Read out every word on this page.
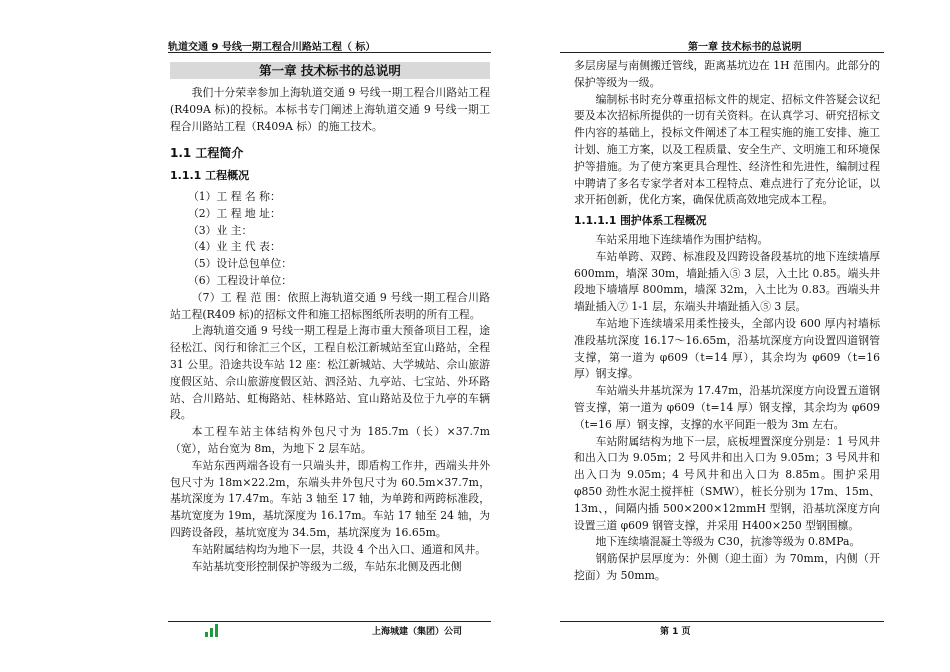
轨道交通 9 号线一期工程合川路站工程（ 标）	第一章 技术标书的总说明
第一章 技术标书的总说明

我们十分荣幸参加上海轨道交通 9 号线一期工程合川路站工程(R409A 标)的投标。本标书专门阐述上海轨道交通 9 号线一期工程合川路站工程（R409A 标）的施工技术。

1.1 工程简介
1.1.1 工程概况
（1）工 程 名 称：
（2）工 程 地 址：
（3）业 主：
（4）业 主 代 表：
（5）设计总包单位：
（6）工程设计单位：

（7）工 程 范 围：依照上海轨道交通 9 号线一期工程合川路站工程(R409 标)的招标文件和施工招标图纸所表明的所有工程。

上海轨道交通 9 号线一期工程是上海市重大预备项目工程，途径松江、闵行和徐汇三个区，工程自松江新城站至宜山路站，全程 31 公里。沿途共设车站 12 座：松江新城站、大学城站、佘山旅游度假区站、佘山旅游度假区站、泗泾站、九亭站、七宝站、外环路站、合川路站、虹梅路站、桂林路站、宜山路站及位于九亭的车辆段。

本工程车站主体结构外包尺寸为 185.7m（长）×37.7m（宽），站台宽为 8m，为地下 2 层车站。

车站东西两端各设有一只端头井，即盾构工作井，西端头井外包尺寸为 18m×22.2m，东端头井外包尺寸为 60.5m×37.7m，基坑深度为 17.47m。车站 3 轴至 17 轴，为单跨和两跨标准段，基坑宽度为 19m，基坑深度为 16.17m。车站 17 轴至 24 轴，为四跨设备段，基坑宽度为 34.5m，基坑深度为 16.65m。

车站附属结构均为地下一层，共设 4 个出入口、通道和风井。

车站基坑变形控制保护等级为二级，车站东北侧及西北侧

多层房屋与南侧搬迁管线，距离基坑边在 1H 范围内。此部分的保护等级为一级。

编制标书时充分尊重招标文件的规定、招标文件答疑会议纪要及本次招标所提供的一切有关资料。在认真学习、研究招标文件内容的基础上，投标文件阐述了本工程实施的施工安排、施工计划、施工方案，以及工程质量、安全生产、文明施工和环境保护等措施。为了使方案更具合理性、经济性和先进性，编制过程中聘请了多名专家学者对本工程特点、难点进行了充分论证，以求开拓创新，优化方案，确保优质高效地完成本工程。

1.1.1.1 围护体系工程概况

车站采用地下连续墙作为围护结构。

车站单跨、双跨、标准段及四跨设备段基坑的地下连续墙厚 600mm，墙深 30m，墙趾插入⑤ 3 层，入土比 0.85。端头井段地下墙墙厚 800mm，墙深 32m，入土比为 0.83。西端头井墙趾插入⑦ 1-1 层，东端头井墙趾插入⑤ 3 层。

车站地下连续墙采用柔性接头，全部内设 600 厚内衬墙标准段基坑深度 16.17～16.65m，沿基坑深度方向设置四道钢管支撑，第一道为 φ609（t=14 厚），其余均为 φ609（t=16 厚）钢支撑。

车站端头井基坑深为 17.47m，沿基坑深度方向设置五道钢管支撑，第一道为 φ609（t=14 厚）钢支撑，其余均为 φ609（t=16 厚）钢支撑，支撑的水平间距一般为 3m 左右。

车站附属结构为地下一层，底板埋置深度分别是：1 号风井和出入口为 9.05m；2 号风井和出入口为 9.05m；3 号风井和出入口为 9.05m；4 号风井和出入口为 8.85m。围护采用 φ850 劲性水泥土搅拌桩（SMW），桩长分别为 17m、15m、13m、，间隔内插 500×200×12mmH 型钢，沿基坑深度方向设置三道 φ609 钢管支撑，并采用 H400×250 型钢围檩。

地下连续墙混凝土等级为 C30，抗渗等级为 0.8MPa。

钢筋保护层厚度为：外侧（迎土面）为 70mm，内侧（开挖面）为 50mm。

上海城建（集团）公司	第 1 页
